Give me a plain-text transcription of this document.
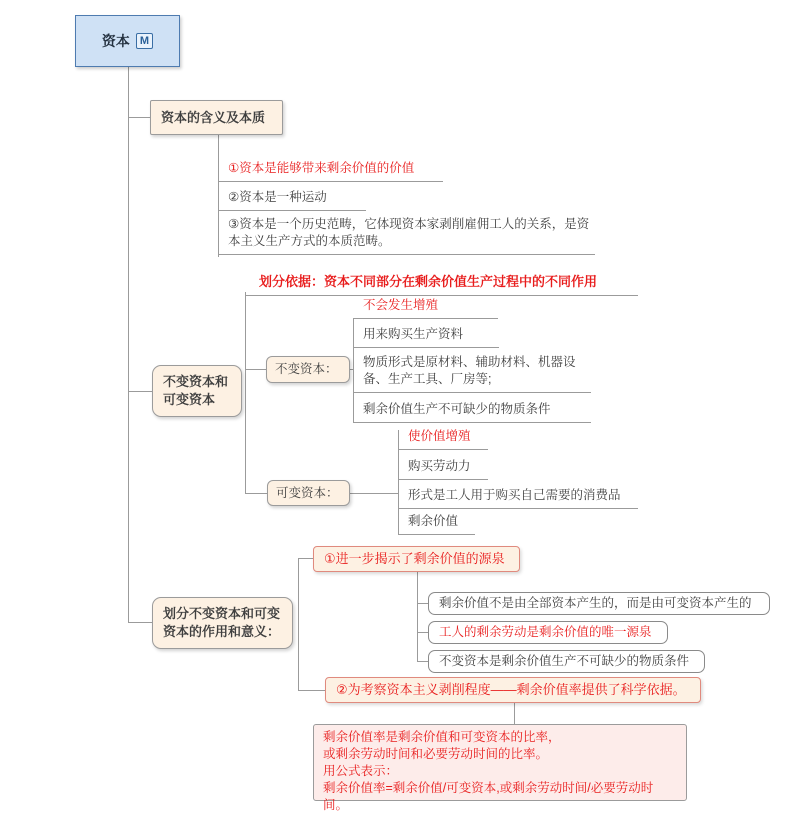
资本 M
资本的含义及本质
①资本是能够带来剩余价值的价值
②资本是一种运动
③资本是一个历史范畴，它体现资本家剥削雇佣工人的关系，是资本主义生产方式的本质范畴。
不变资本和可变资本
划分依据：资本不同部分在剩余价值生产过程中的不同作用
不变资本：
不会发生增殖
用来购买生产资料
物质形式是原材料、辅助材料、机器设备、生产工具、厂房等;
剩余价值生产不可缺少的物质条件
可变资本：
使价值增殖
购买劳动力
形式是工人用于购买自己需要的消费品
剩余价值
划分不变资本和可变资本的作用和意义：
①进一步揭示了剩余价值的源泉
剩余价值不是由全部资本产生的，而是由可变资本产生的
工人的剩余劳动是剩余价值的唯一源泉
不变资本是剩余价值生产不可缺少的物质条件
②为考察资本主义剥削程度——剩余价值率提供了科学依据。
剩余价值率是剩余价值和可变资本的比率，
或剩余劳动时间和必要劳动时间的比率。
用公式表示：
剩余价值率=剩余价值/可变资本,或剩余劳动时间/必要劳动时间。
